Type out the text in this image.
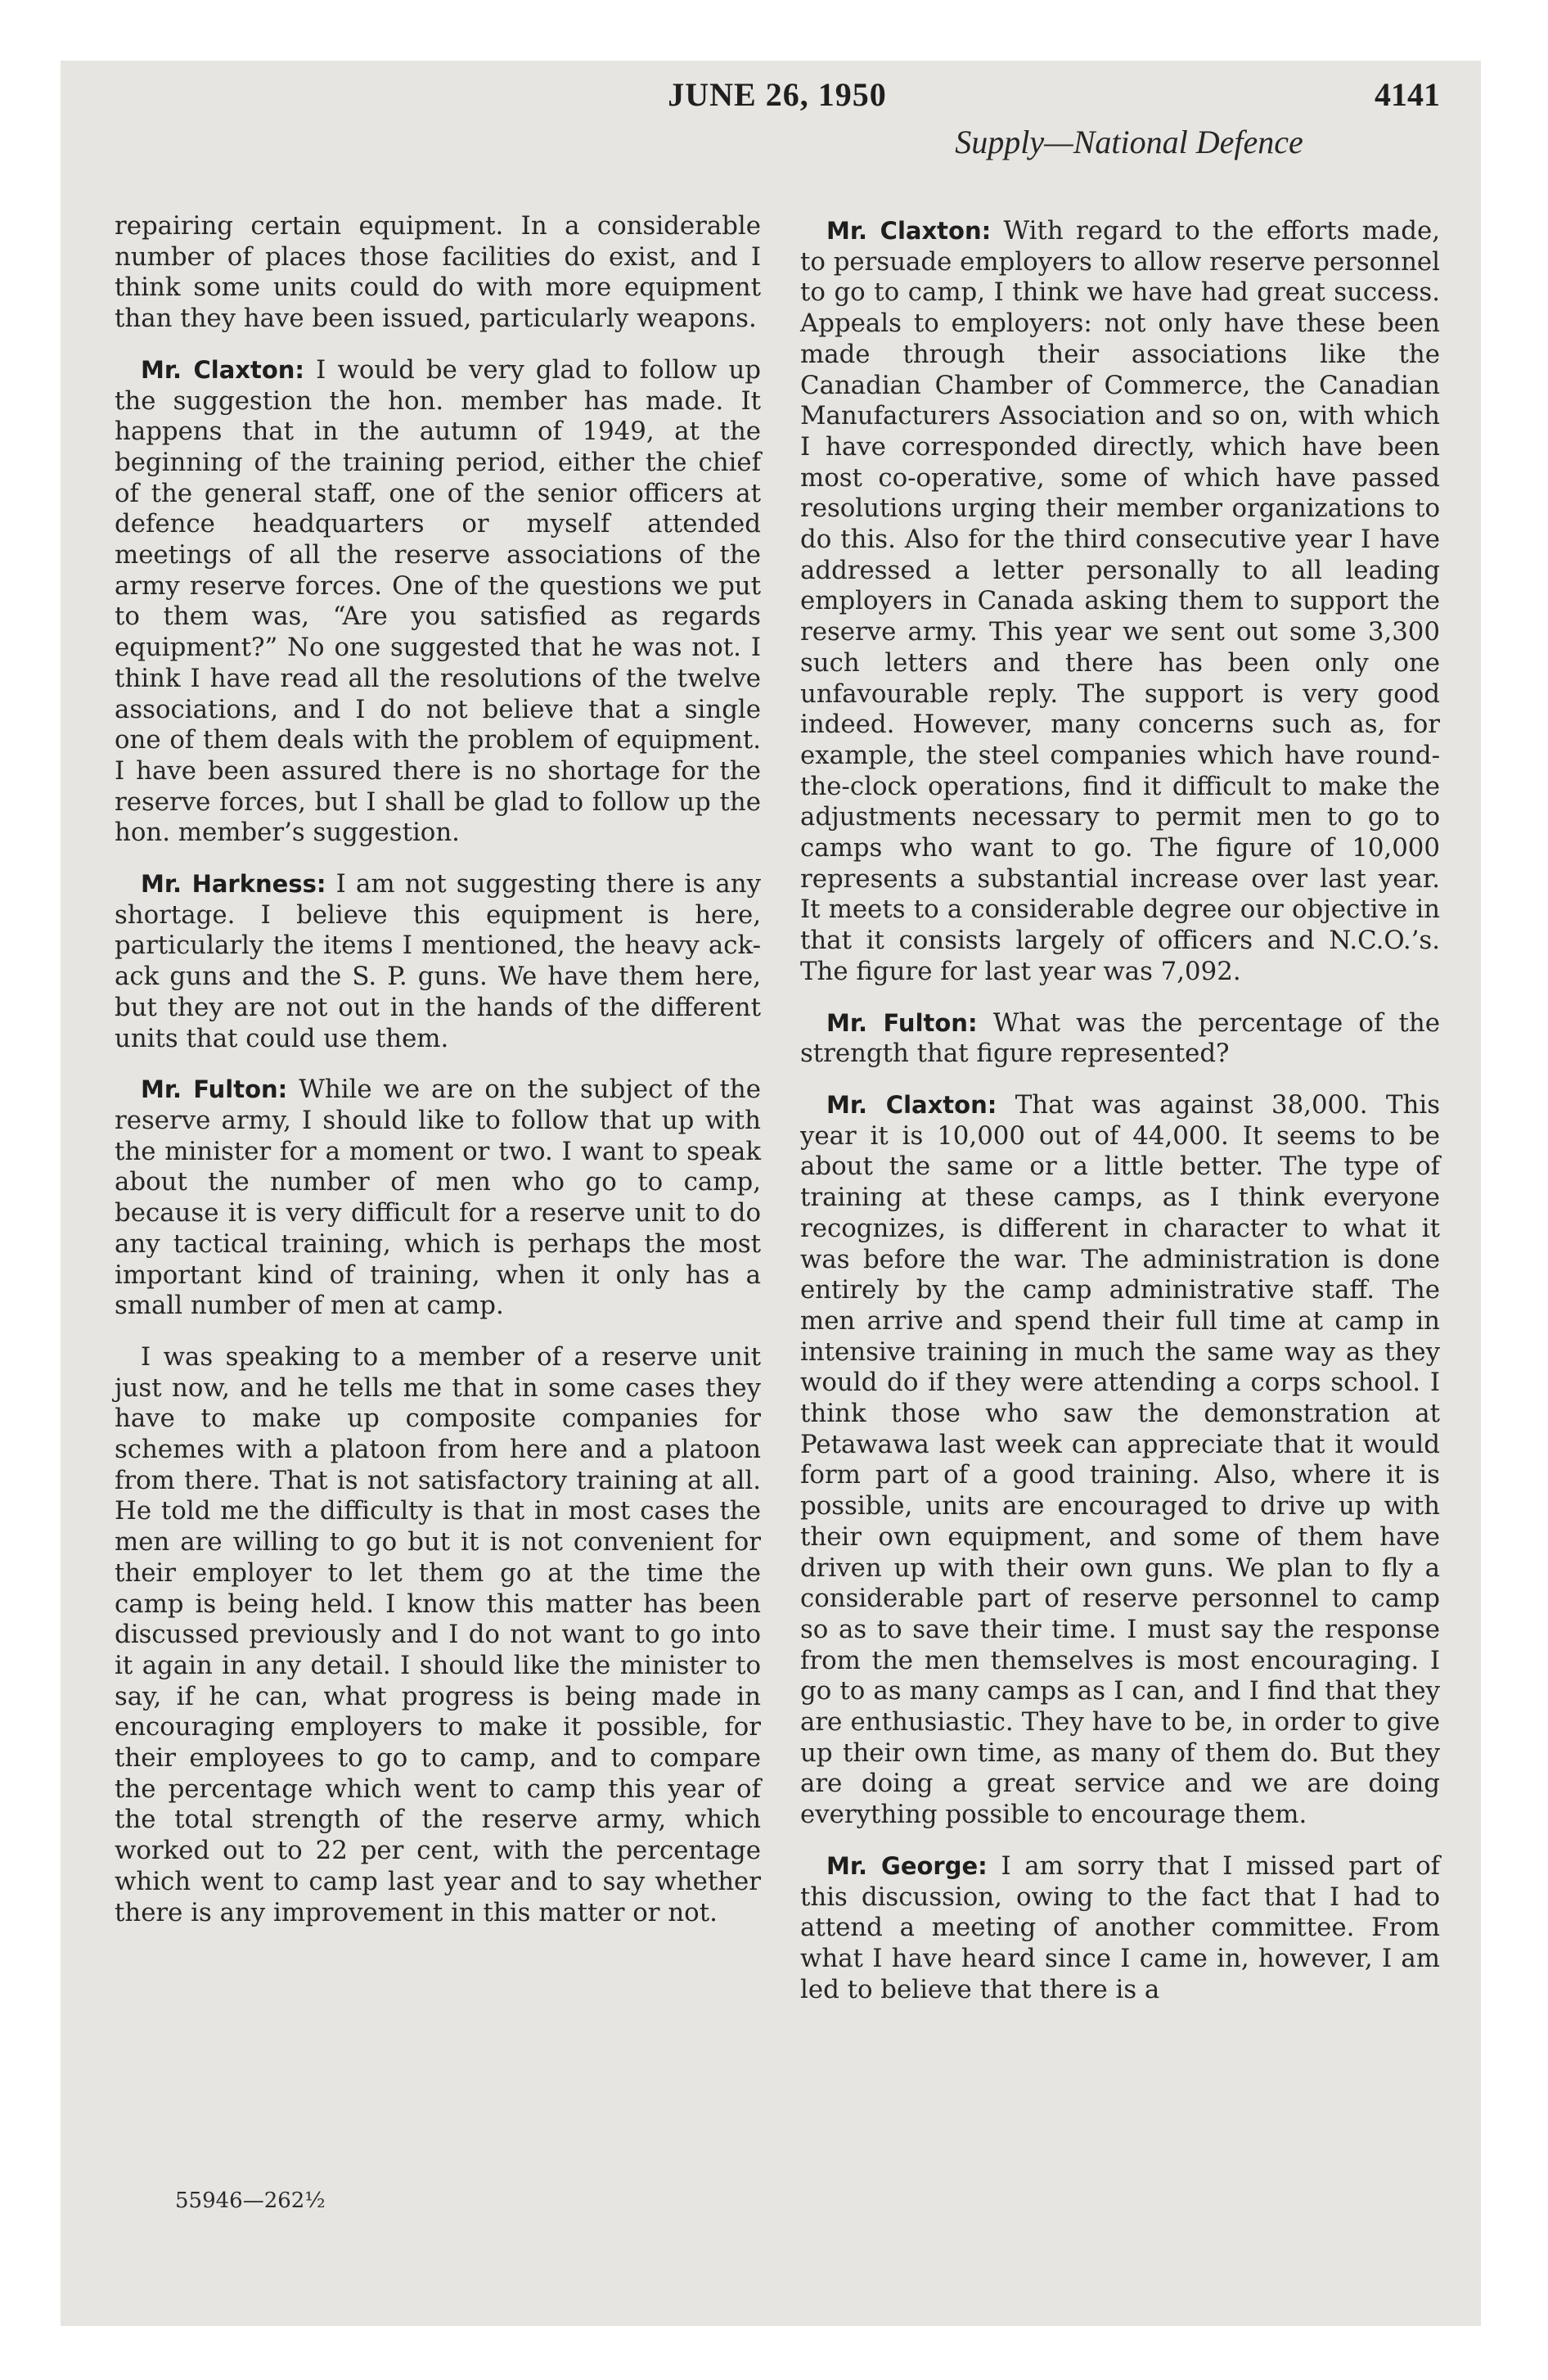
JUNE 26, 1950	4141
Supply—National Defence

repairing certain equipment. In a considerable number of places those facilities do exist, and I think some units could do with more equipment than they have been issued, particularly weapons.

Mr. Claxton: I would be very glad to follow up the suggestion the hon. member has made. It happens that in the autumn of 1949, at the beginning of the training period, either the chief of the general staff, one of the senior officers at defence headquarters or myself attended meetings of all the reserve associations of the army reserve forces. One of the questions we put to them was, “Are you satisfied as regards equipment?” No one suggested that he was not. I think I have read all the resolutions of the twelve associations, and I do not believe that a single one of them deals with the problem of equipment. I have been assured there is no shortage for the reserve forces, but I shall be glad to follow up the hon. member’s suggestion.

Mr. Harkness: I am not suggesting there is any shortage. I believe this equipment is here, particularly the items I mentioned, the heavy ack-ack guns and the S. P. guns. We have them here, but they are not out in the hands of the different units that could use them.

Mr. Fulton: While we are on the subject of the reserve army, I should like to follow that up with the minister for a moment or two. I want to speak about the number of men who go to camp, because it is very difficult for a reserve unit to do any tactical training, which is perhaps the most important kind of training, when it only has a small number of men at camp.

I was speaking to a member of a reserve unit just now, and he tells me that in some cases they have to make up composite companies for schemes with a platoon from here and a platoon from there. That is not satisfactory training at all. He told me the difficulty is that in most cases the men are willing to go but it is not convenient for their employer to let them go at the time the camp is being held. I know this matter has been discussed previously and I do not want to go into it again in any detail. I should like the minister to say, if he can, what progress is being made in encouraging employers to make it possible, for their employees to go to camp, and to compare the percentage which went to camp this year of the total strength of the reserve army, which worked out to 22 per cent, with the percentage which went to camp last year and to say whether there is any improvement in this matter or not.

Mr. Claxton: With regard to the efforts made, to persuade employers to allow reserve personnel to go to camp, I think we have had great success. Appeals to employers: not only have these been made through their associations like the Canadian Chamber of Commerce, the Canadian Manufacturers Association and so on, with which I have corresponded directly, which have been most co-operative, some of which have passed resolutions urging their member organizations to do this. Also for the third consecutive year I have addressed a letter personally to all leading employers in Canada asking them to support the reserve army. This year we sent out some 3,300 such letters and there has been only one unfavourable reply. The support is very good indeed. However, many concerns such as, for example, the steel companies which have round-the-clock operations, find it difficult to make the adjustments necessary to permit men to go to camps who want to go. The figure of 10,000 represents a substantial increase over last year. It meets to a considerable degree our objective in that it consists largely of officers and N.C.O.’s. The figure for last year was 7,092.

Mr. Fulton: What was the percentage of the strength that figure represented?

Mr. Claxton: That was against 38,000. This year it is 10,000 out of 44,000. It seems to be about the same or a little better. The type of training at these camps, as I think everyone recognizes, is different in character to what it was before the war. The administration is done entirely by the camp administrative staff. The men arrive and spend their full time at camp in intensive training in much the same way as they would do if they were attending a corps school. I think those who saw the demonstration at Petawawa last week can appreciate that it would form part of a good training. Also, where it is possible, units are encouraged to drive up with their own equipment, and some of them have driven up with their own guns. We plan to fly a considerable part of reserve personnel to camp so as to save their time. I must say the response from the men themselves is most encouraging. I go to as many camps as I can, and I find that they are enthusiastic. They have to be, in order to give up their own time, as many of them do. But they are doing a great service and we are doing everything possible to encourage them.

Mr. George: I am sorry that I missed part of this discussion, owing to the fact that I had to attend a meeting of another committee. From what I have heard since I came in, however, I am led to believe that there is a

55946—262½
